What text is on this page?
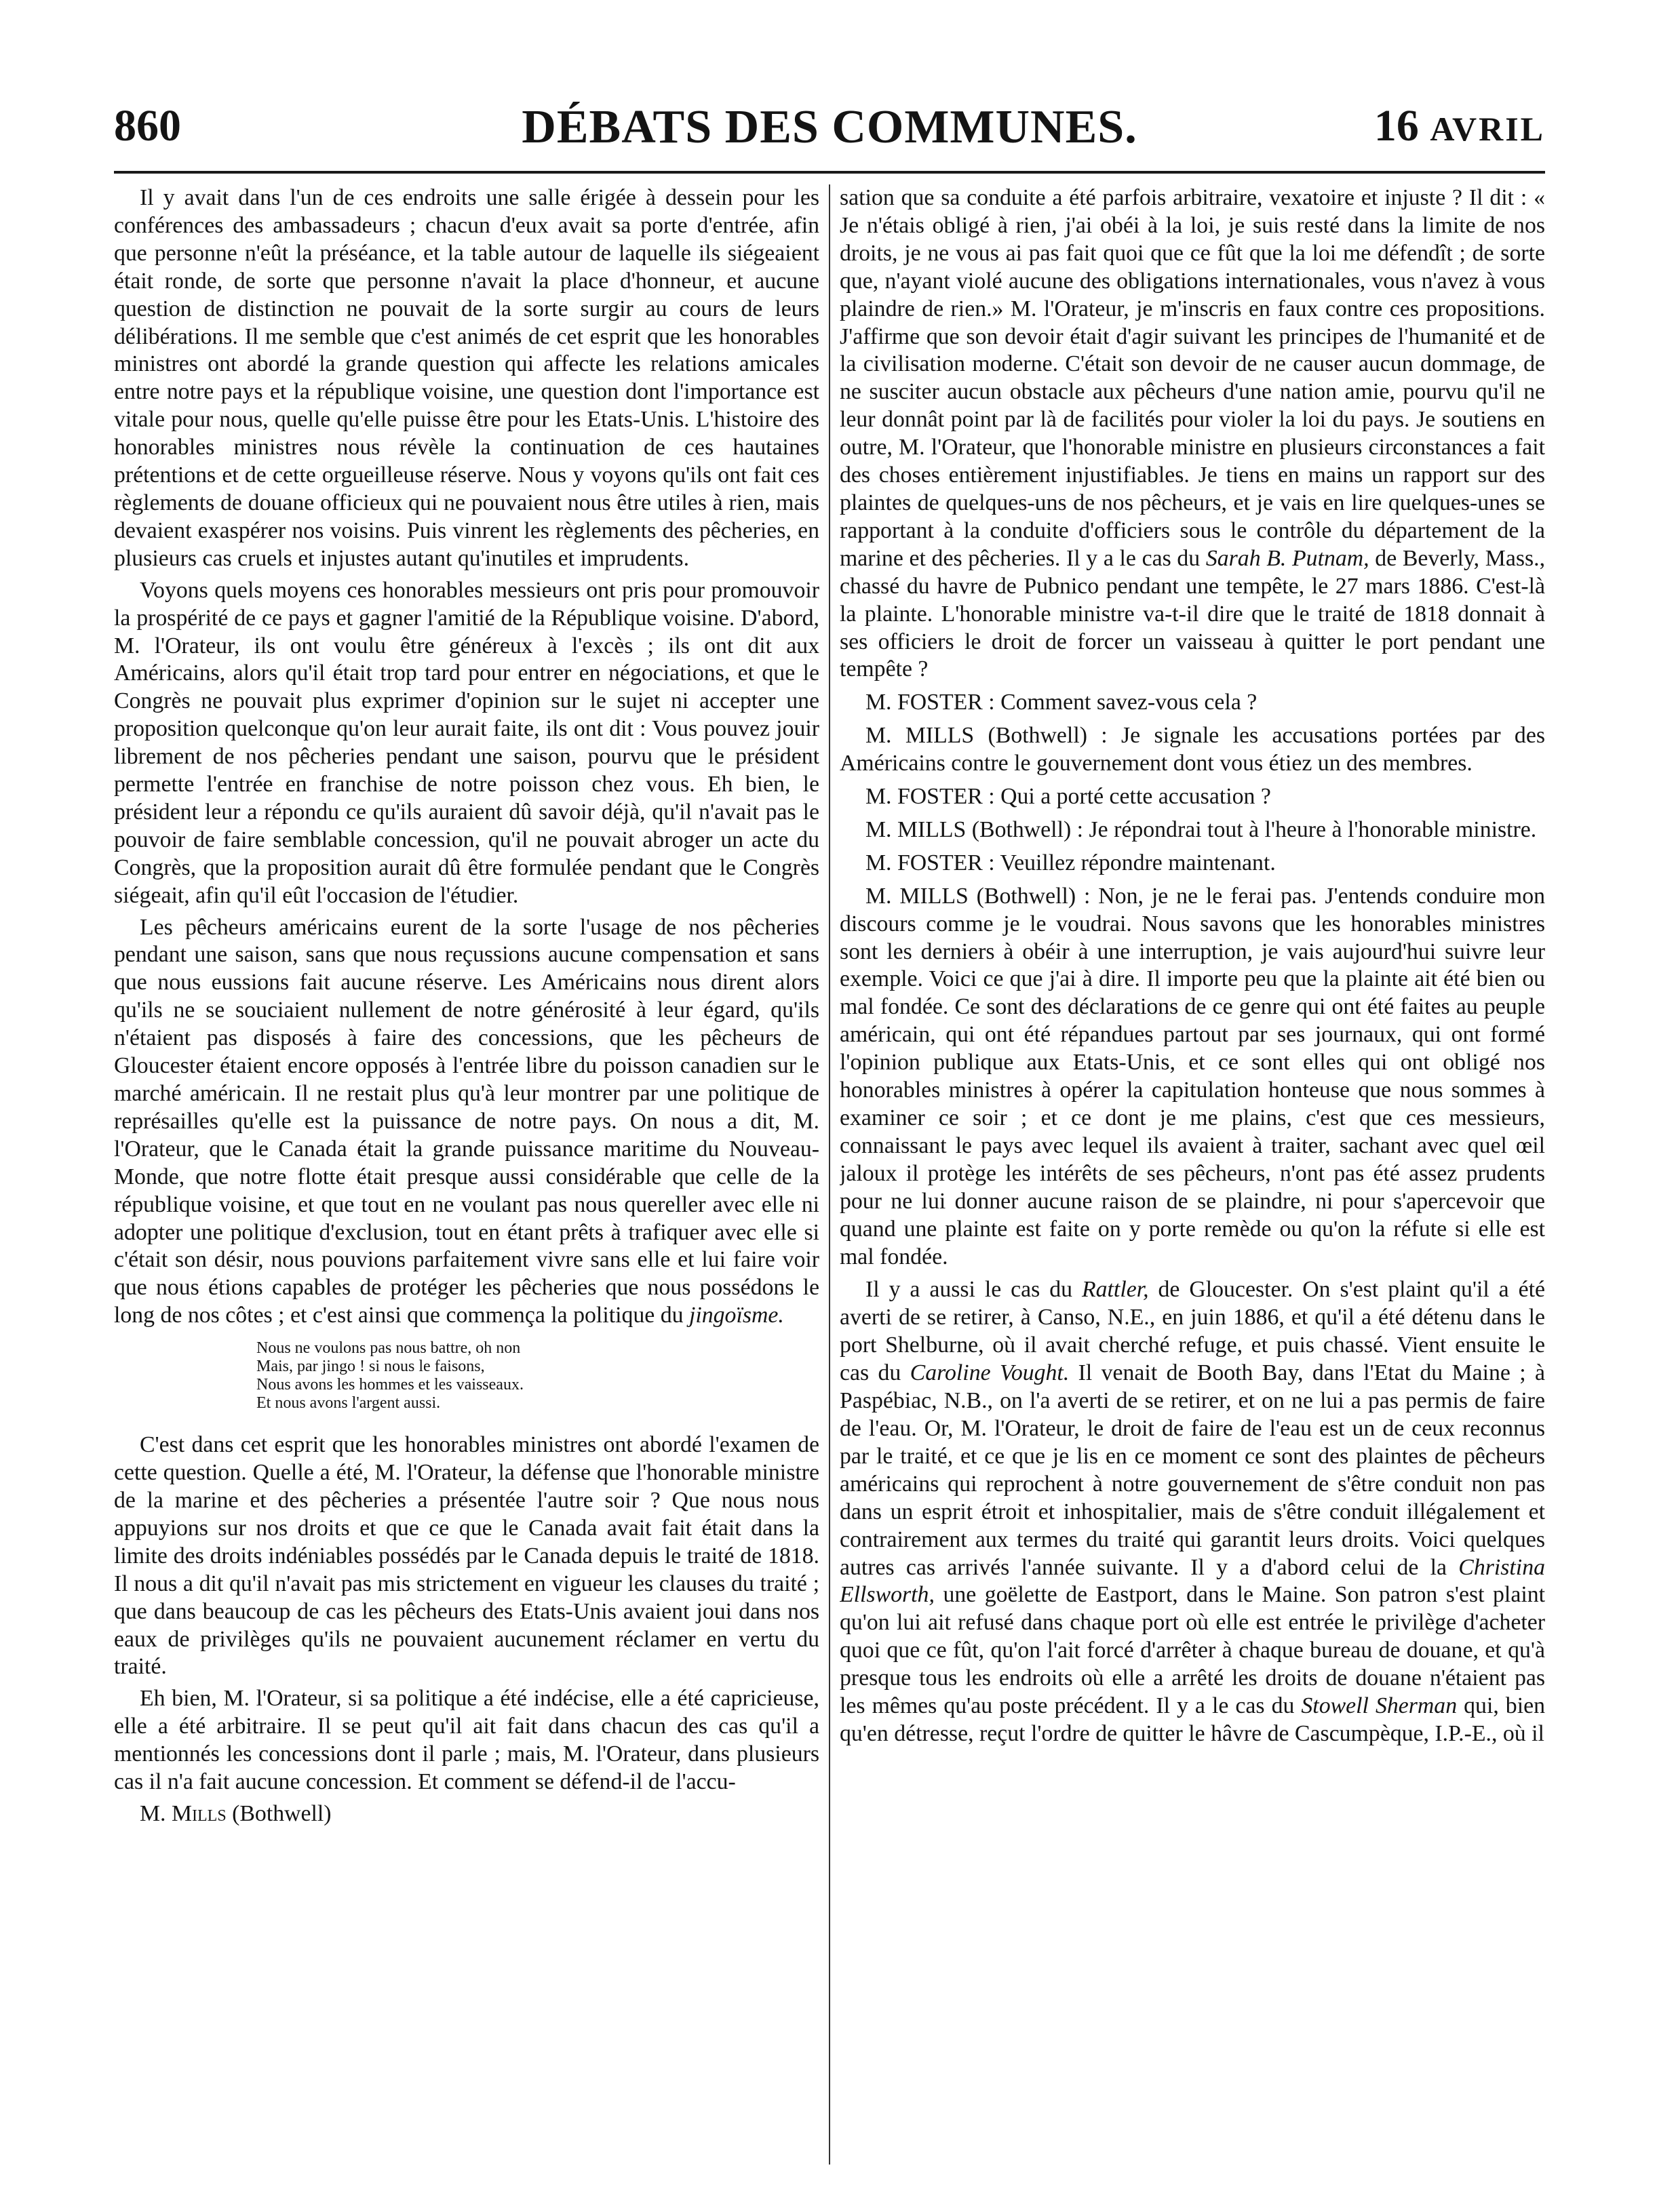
860	DÉBATS DES COMMUNES.	16 AVRIL

Il y avait dans l'un de ces endroits une salle érigée à dessein pour les conférences des ambassadeurs ; chacun d'eux avait sa porte d'entrée, afin que personne n'eût la préséance, et la table autour de laquelle ils siégeaient était ronde, de sorte que personne n'avait la place d'honneur, et aucune question de distinction ne pouvait de la sorte surgir au cours de leurs délibérations. Il me semble que c'est animés de cet esprit que les honorables ministres ont abordé la grande question qui affecte les relations amicales entre notre pays et la république voisine, une question dont l'importance est vitale pour nous, quelle qu'elle puisse être pour les Etats-Unis. L'histoire des honorables ministres nous révèle la continuation de ces hautaines prétentions et de cette orgueilleuse réserve. Nous y voyons qu'ils ont fait ces règlements de douane officieux qui ne pouvaient nous être utiles à rien, mais devaient exaspérer nos voisins. Puis vinrent les règlements des pêcheries, en plusieurs cas cruels et injustes autant qu'inutiles et imprudents.

Voyons quels moyens ces honorables messieurs ont pris pour promouvoir la prospérité de ce pays et gagner l'amitié de la République voisine. D'abord, M. l'Orateur, ils ont voulu être généreux à l'excès ; ils ont dit aux Américains, alors qu'il était trop tard pour entrer en négociations, et que le Congrès ne pouvait plus exprimer d'opinion sur le sujet ni accepter une proposition quelconque qu'on leur aurait faite, ils ont dit : Vous pouvez jouir librement de nos pêcheries pendant une saison, pourvu que le président permette l'entrée en franchise de notre poisson chez vous. Eh bien, le président leur a répondu ce qu'ils auraient dû savoir déjà, qu'il n'avait pas le pouvoir de faire semblable concession, qu'il ne pouvait abroger un acte du Congrès, que la proposition aurait dû être formulée pendant que le Congrès siégeait, afin qu'il eût l'occasion de l'étudier.

Les pêcheurs américains eurent de la sorte l'usage de nos pêcheries pendant une saison, sans que nous reçussions aucune compensation et sans que nous eussions fait aucune réserve. Les Américains nous dirent alors qu'ils ne se souciaient nullement de notre générosité à leur égard, qu'ils n'étaient pas disposés à faire des concessions, que les pêcheurs de Gloucester étaient encore opposés à l'entrée libre du poisson canadien sur le marché américain. Il ne restait plus qu'à leur montrer par une politique de représailles qu'elle est la puissance de notre pays. On nous a dit, M. l'Orateur, que le Canada était la grande puissance maritime du Nouveau-Monde, que notre flotte était presque aussi considérable que celle de la république voisine, et que tout en ne voulant pas nous quereller avec elle ni adopter une politique d'exclusion, tout en étant prêts à trafiquer avec elle si c'était son désir, nous pouvions parfaitement vivre sans elle et lui faire voir que nous étions capables de protéger les pêcheries que nous possédons le long de nos côtes ; et c'est ainsi que commença la politique du jingoïsme.

Nous ne voulons pas nous battre, oh non
Mais, par jingo ! si nous le faisons,
Nous avons les hommes et les vaisseaux.
Et nous avons l'argent aussi.

C'est dans cet esprit que les honorables ministres ont abordé l'examen de cette question. Quelle a été, M. l'Orateur, la défense que l'honorable ministre de la marine et des pêcheries a présentée l'autre soir ? Que nous nous appuyions sur nos droits et que ce que le Canada avait fait était dans la limite des droits indéniables possédés par le Canada depuis le traité de 1818. Il nous a dit qu'il n'avait pas mis strictement en vigueur les clauses du traité ; que dans beaucoup de cas les pêcheurs des Etats-Unis avaient joui dans nos eaux de privilèges qu'ils ne pouvaient aucunement réclamer en vertu du traité.

Eh bien, M. l'Orateur, si sa politique a été indécise, elle a été capricieuse, elle a été arbitraire. Il se peut qu'il ait fait dans chacun des cas qu'il a mentionnés les concessions dont il parle ; mais, M. l'Orateur, dans plusieurs cas il n'a fait aucune concession. Et comment se défend-il de l'accu-

M. Mills (Bothwell)

sation que sa conduite a été parfois arbitraire, vexatoire et injuste ? Il dit : « Je n'étais obligé à rien, j'ai obéi à la loi, je suis resté dans la limite de nos droits, je ne vous ai pas fait quoi que ce fût que la loi me défendît ; de sorte que, n'ayant violé aucune des obligations internationales, vous n'avez à vous plaindre de rien.» M. l'Orateur, je m'inscris en faux contre ces propositions. J'affirme que son devoir était d'agir suivant les principes de l'humanité et de la civilisation moderne. C'était son devoir de ne causer aucun dommage, de ne susciter aucun obstacle aux pêcheurs d'une nation amie, pourvu qu'il ne leur donnât point par là de facilités pour violer la loi du pays. Je soutiens en outre, M. l'Orateur, que l'honorable ministre en plusieurs circonstances a fait des choses entièrement injustifiables. Je tiens en mains un rapport sur des plaintes de quelques-uns de nos pêcheurs, et je vais en lire quelques-unes se rapportant à la conduite d'officiers sous le contrôle du département de la marine et des pêcheries. Il y a le cas du Sarah B. Putnam, de Beverly, Mass., chassé du havre de Pubnico pendant une tempête, le 27 mars 1886. C'est-là la plainte. L'honorable ministre va-t-il dire que le traité de 1818 donnait à ses officiers le droit de forcer un vaisseau à quitter le port pendant une tempête ?

M. FOSTER : Comment savez-vous cela ?

M. MILLS (Bothwell) : Je signale les accusations portées par des Américains contre le gouvernement dont vous étiez un des membres.

M. FOSTER : Qui a porté cette accusation ?

M. MILLS (Bothwell) : Je répondrai tout à l'heure à l'honorable ministre.

M. FOSTER : Veuillez répondre maintenant.

M. MILLS (Bothwell) : Non, je ne le ferai pas. J'entends conduire mon discours comme je le voudrai. Nous savons que les honorables ministres sont les derniers à obéir à une interruption, je vais aujourd'hui suivre leur exemple. Voici ce que j'ai à dire. Il importe peu que la plainte ait été bien ou mal fondée. Ce sont des déclarations de ce genre qui ont été faites au peuple américain, qui ont été répandues partout par ses journaux, qui ont formé l'opinion publique aux Etats-Unis, et ce sont elles qui ont obligé nos honorables ministres à opérer la capitulation honteuse que nous sommes à examiner ce soir ; et ce dont je me plains, c'est que ces messieurs, connaissant le pays avec lequel ils avaient à traiter, sachant avec quel œil jaloux il protège les intérêts de ses pêcheurs, n'ont pas été assez prudents pour ne lui donner aucune raison de se plaindre, ni pour s'apercevoir que quand une plainte est faite on y porte remède ou qu'on la réfute si elle est mal fondée.

Il y a aussi le cas du Rattler, de Gloucester. On s'est plaint qu'il a été averti de se retirer, à Canso, N.E., en juin 1886, et qu'il a été détenu dans le port Shelburne, où il avait cherché refuge, et puis chassé. Vient ensuite le cas du Caroline Vought. Il venait de Booth Bay, dans l'Etat du Maine ; à Paspébiac, N.B., on l'a averti de se retirer, et on ne lui a pas permis de faire de l'eau. Or, M. l'Orateur, le droit de faire de l'eau est un de ceux reconnus par le traité, et ce que je lis en ce moment ce sont des plaintes de pêcheurs américains qui reprochent à notre gouvernement de s'être conduit non pas dans un esprit étroit et inhospitalier, mais de s'être conduit illégalement et contrairement aux termes du traité qui garantit leurs droits. Voici quelques autres cas arrivés l'année suivante. Il y a d'abord celui de la Christina Ellsworth, une goëlette de Eastport, dans le Maine. Son patron s'est plaint qu'on lui ait refusé dans chaque port où elle est entrée le privilège d'acheter quoi que ce fût, qu'on l'ait forcé d'arrêter à chaque bureau de douane, et qu'à presque tous les endroits où elle a arrêté les droits de douane n'étaient pas les mêmes qu'au poste précédent. Il y a le cas du Stowell Sherman qui, bien qu'en détresse, reçut l'ordre de quitter le hâvre de Cascumpèque, I.P.-E., où il
